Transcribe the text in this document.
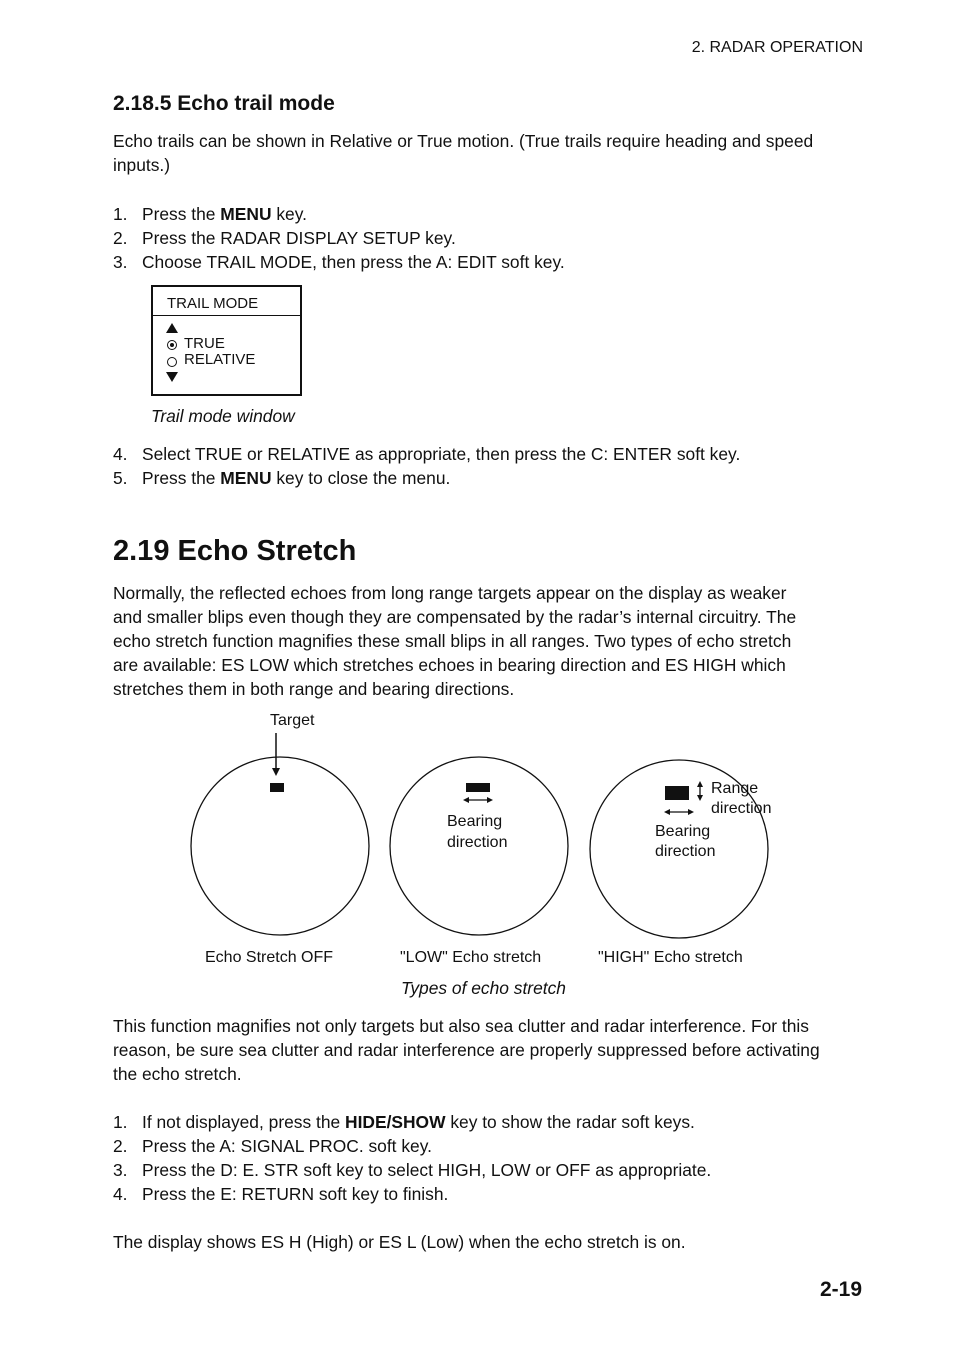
2. RADAR OPERATION
2.18.5 Echo trail mode
Echo trails can be shown in Relative or True motion. (True trails require heading and speed inputs.)
1. Press the MENU key.
2. Press the RADAR DISPLAY SETUP key.
3. Choose TRAIL MODE, then press the A: EDIT soft key.
TRAIL MODE
TRUE
RELATIVE
Trail mode window
4. Select TRUE or RELATIVE as appropriate, then press the C: ENTER soft key.
5. Press the MENU key to close the menu.
2.19 Echo Stretch
Normally, the reflected echoes from long range targets appear on the display as weaker
and smaller blips even though they are compensated by the radar’s internal circuitry. The
echo stretch function magnifies these small blips in all ranges. Two types of echo stretch
are available: ES LOW which stretches echoes in bearing direction and ES HIGH which
stretches them in both range and bearing directions.
Target
Bearing
direction
Range
direction
Bearing
direction
Echo Stretch OFF	"LOW" Echo stretch	"HIGH" Echo stretch
Types of echo stretch
This function magnifies not only targets but also sea clutter and radar interference. For this
reason, be sure sea clutter and radar interference are properly suppressed before activating
the echo stretch.
1. If not displayed, press the HIDE/SHOW key to show the radar soft keys.
2. Press the A: SIGNAL PROC. soft key.
3. Press the D: E. STR soft key to select HIGH, LOW or OFF as appropriate.
4. Press the E: RETURN soft key to finish.
The display shows ES H (High) or ES L (Low) when the echo stretch is on.
2-19
